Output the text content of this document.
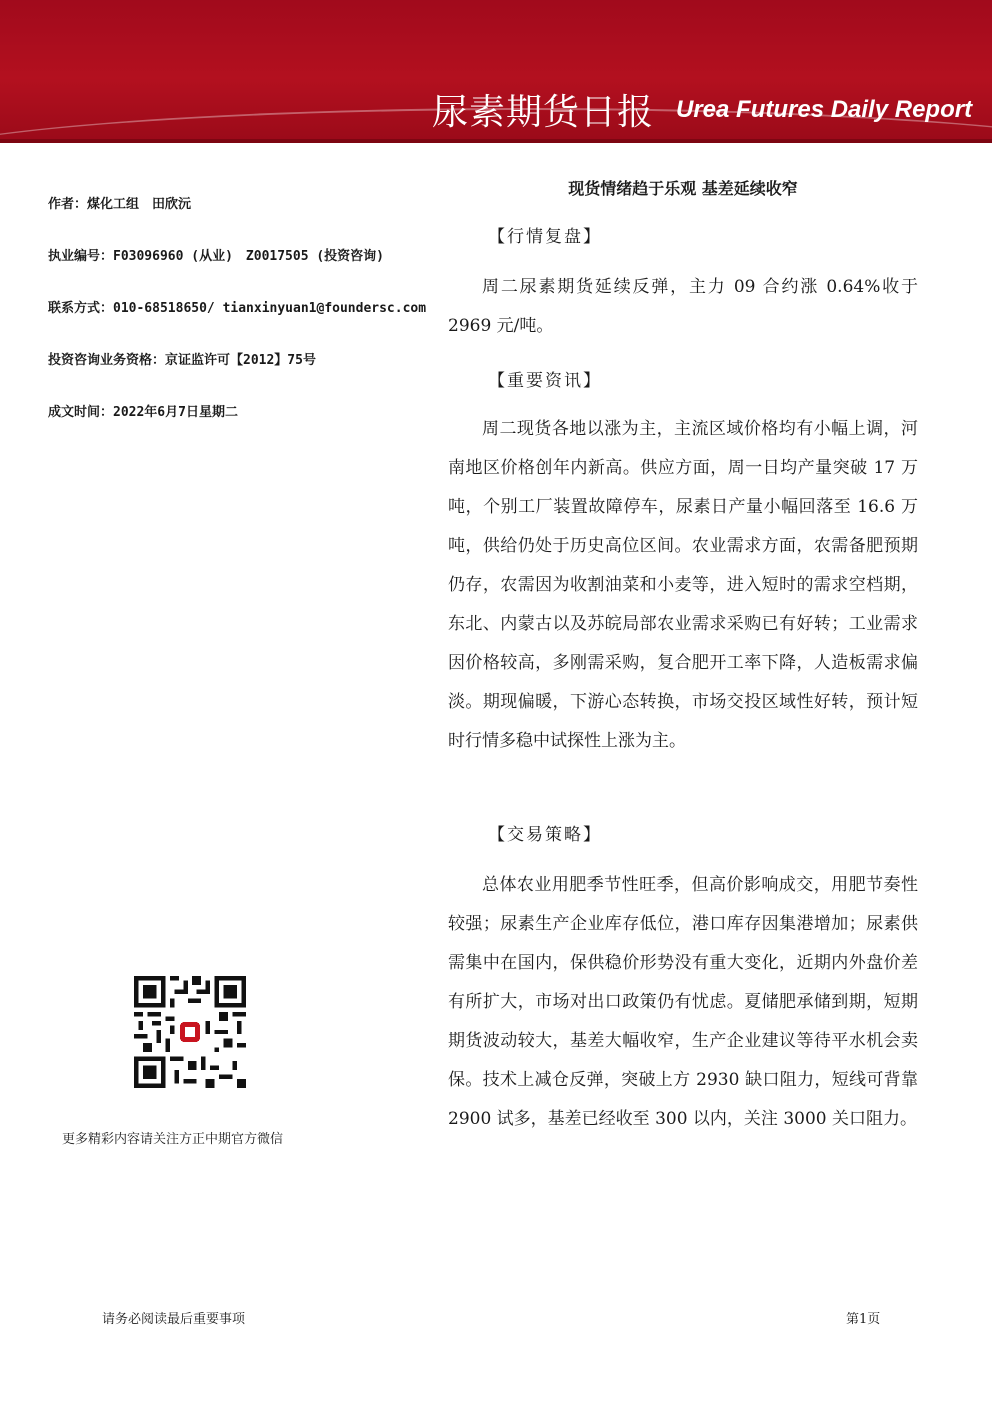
尿素期货日报 Urea Futures Daily Report
作者：煤化工组　田欣沅
执业编号：F03096960 (从业)　Z0017505 (投资咨询)
联系方式：010-68518650/ tianxinyuan1@foundersc.com
投资咨询业务资格：京证监许可【2012】75号
成文时间：2022年6月7日星期二
更多精彩内容请关注方正中期官方微信
现货情绪趋于乐观 基差延续收窄
【行情复盘】

周二尿素期货延续反弹，主力 09 合约涨 0.64%收于 2969 元/吨。

【重要资讯】

周二现货各地以涨为主，主流区域价格均有小幅上调，河南地区价格创年内新高。供应方面，周一日均产量突破 17 万吨，个别工厂装置故障停车，尿素日产量小幅回落至 16.6 万吨，供给仍处于历史高位区间。农业需求方面，农需备肥预期仍存，农需因为收割油菜和小麦等，进入短时的需求空档期，东北、内蒙古以及苏皖局部农业需求采购已有好转；工业需求因价格较高，多刚需采购，复合肥开工率下降，人造板需求偏淡。期现偏暖，下游心态转换，市场交投区域性好转，预计短时行情多稳中试探性上涨为主。

【交易策略】

总体农业用肥季节性旺季，但高价影响成交，用肥节奏性较强；尿素生产企业库存低位，港口库存因集港增加；尿素供需集中在国内，保供稳价形势没有重大变化，近期内外盘价差有所扩大，市场对出口政策仍有忧虑。夏储肥承储到期，短期期货波动较大，基差大幅收窄，生产企业建议等待平水机会卖保。技术上减仓反弹，突破上方 2930 缺口阻力，短线可背靠 2900 试多，基差已经收至 300 以内，关注 3000 关口阻力。

请务必阅读最后重要事项	第1页
